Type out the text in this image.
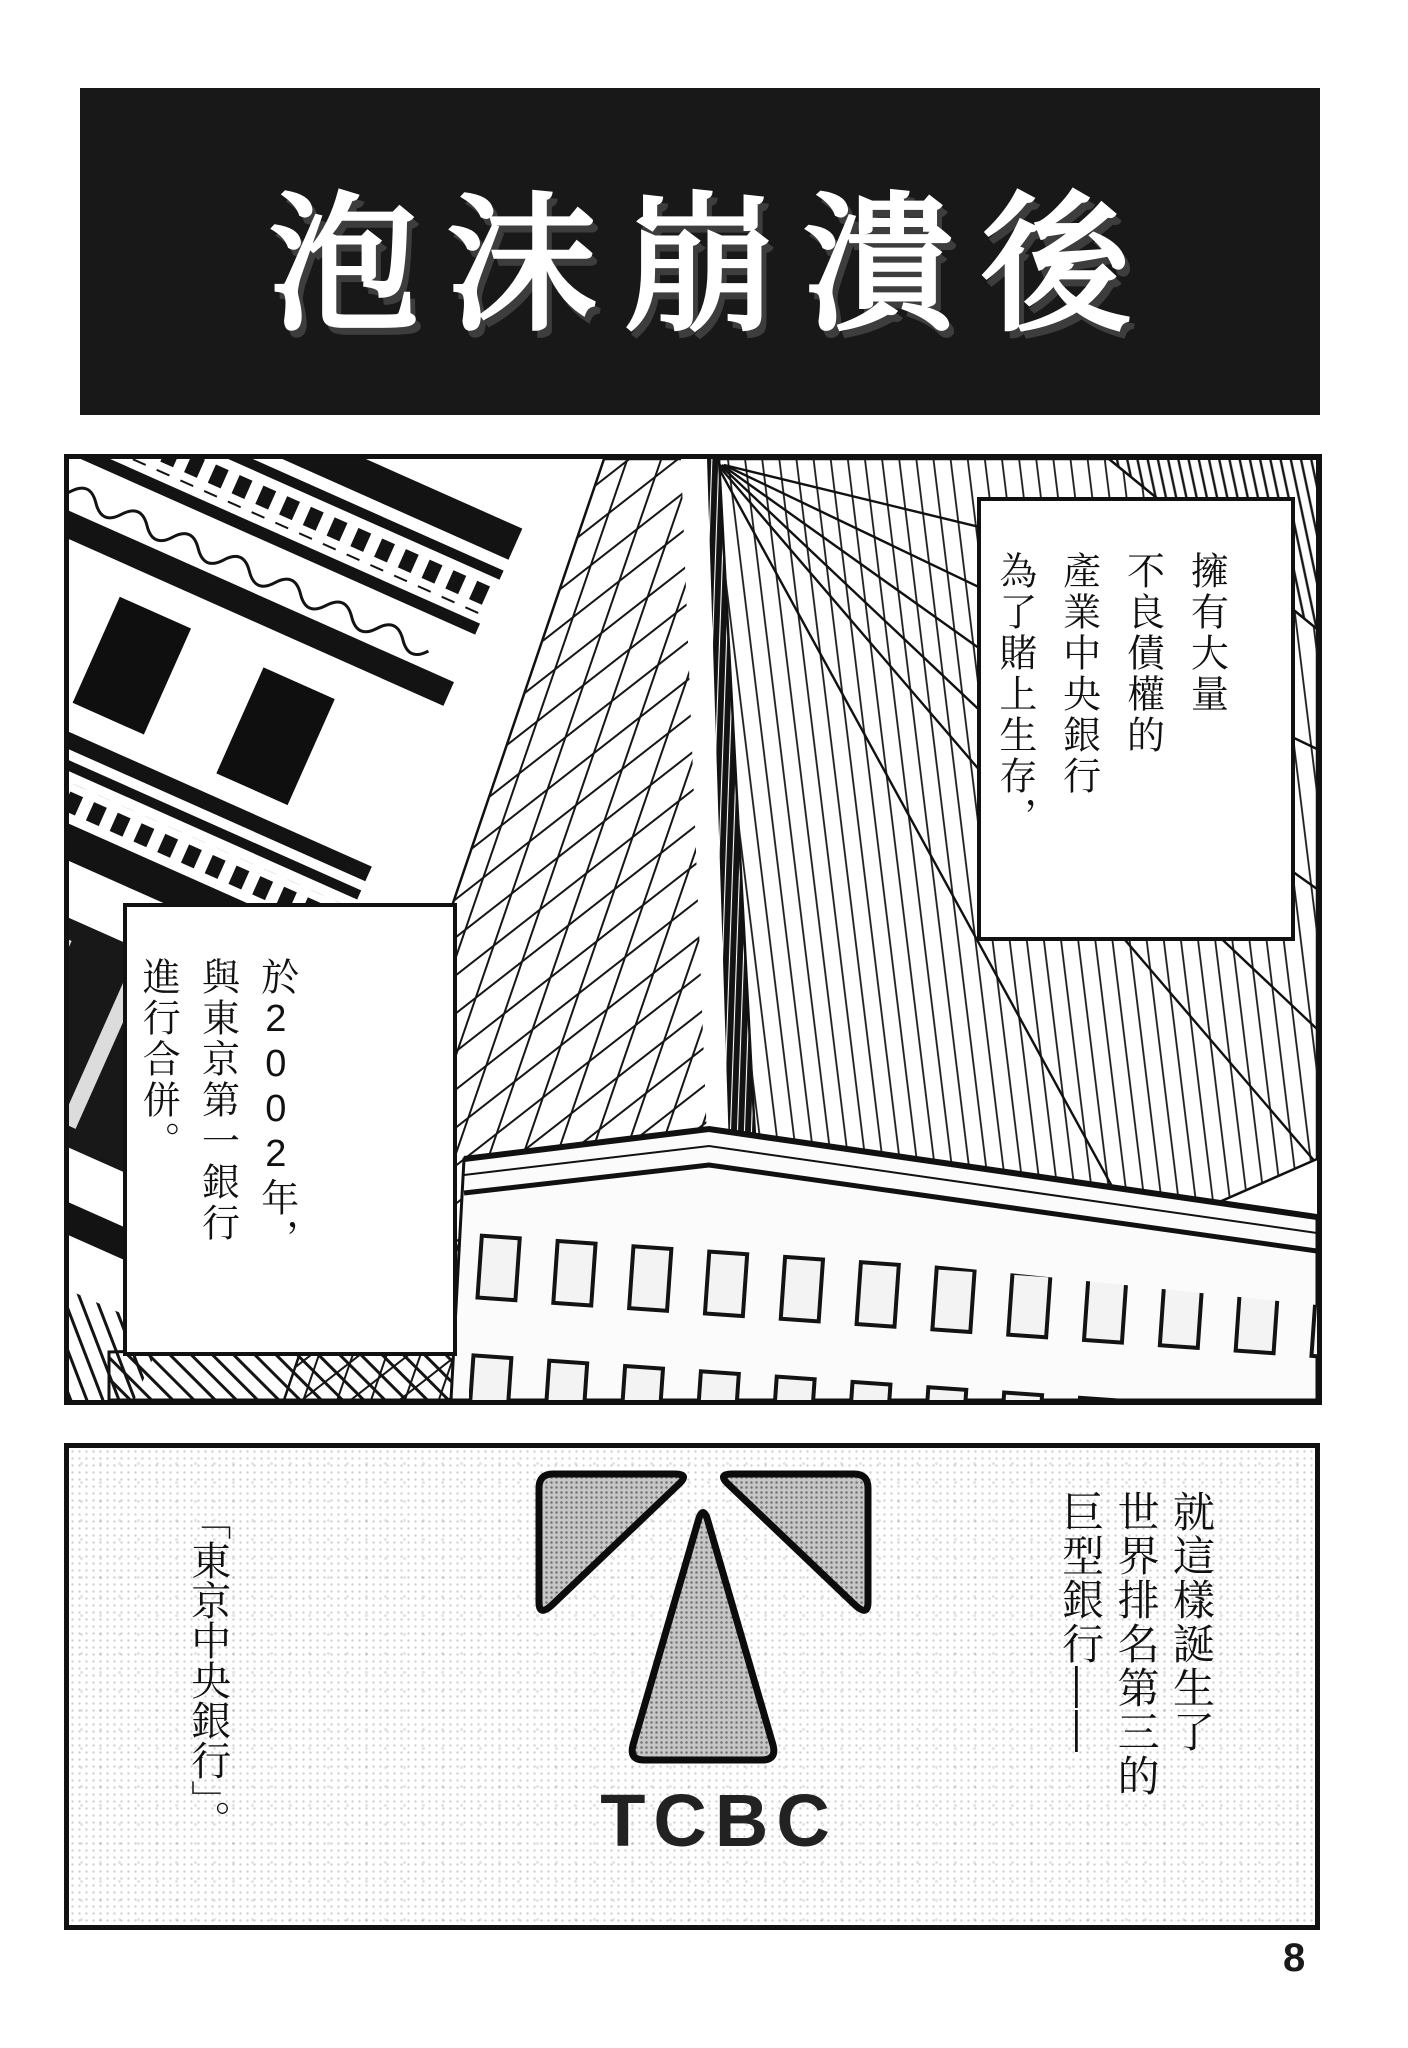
泡沫崩潰後
擁有大量
不良債權的
產業中央銀行
為了賭上生存，
於2002年，
與東京第一銀行
進行合併。
TCBC
就這樣誕生了
世界排名第三的
巨型銀行——
「東京中央銀行」。
8
